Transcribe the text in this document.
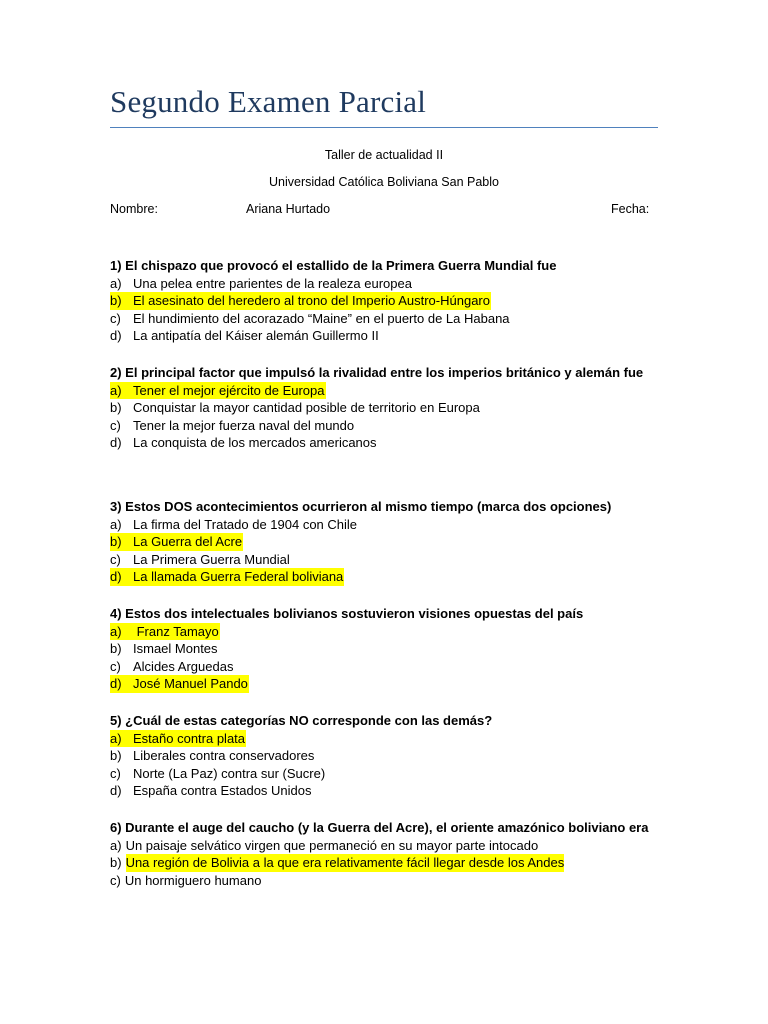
Segundo Examen Parcial
Taller de actualidad II
Universidad Católica Boliviana San Pablo
Nombre:	Ariana Hurtado	Fecha:
1) El chispazo que provocó el estallido de la Primera Guerra Mundial fue
a) Una pelea entre parientes de la realeza europea
b) El asesinato del heredero al trono del Imperio Austro-Húngaro
c) El hundimiento del acorazado “Maine” en el puerto de La Habana
d) La antipatía del Káiser alemán Guillermo II
2) El principal factor que impulsó la rivalidad entre los imperios británico y alemán fue
a) Tener el mejor ejército de Europa
b) Conquistar la mayor cantidad posible de territorio en Europa
c) Tener la mejor fuerza naval del mundo
d) La conquista de los mercados americanos
3) Estos DOS acontecimientos ocurrieron al mismo tiempo (marca dos opciones)
a) La firma del Tratado de 1904 con Chile
b) La Guerra del Acre
c) La Primera Guerra Mundial
d) La llamada Guerra Federal boliviana
4) Estos dos intelectuales bolivianos sostuvieron visiones opuestas del país
a) Franz Tamayo
b) Ismael Montes
c) Alcides Arguedas
d) José Manuel Pando
5) ¿Cuál de estas categorías NO corresponde con las demás?
a) Estaño contra plata
b) Liberales contra conservadores
c) Norte (La Paz) contra sur (Sucre)
d) España contra Estados Unidos
6) Durante el auge del caucho (y la Guerra del Acre), el oriente amazónico boliviano era
a) Un paisaje selvático virgen que permaneció en su mayor parte intocado
b) Una región de Bolivia a la que era relativamente fácil llegar desde los Andes
c) Un hormiguero humano
